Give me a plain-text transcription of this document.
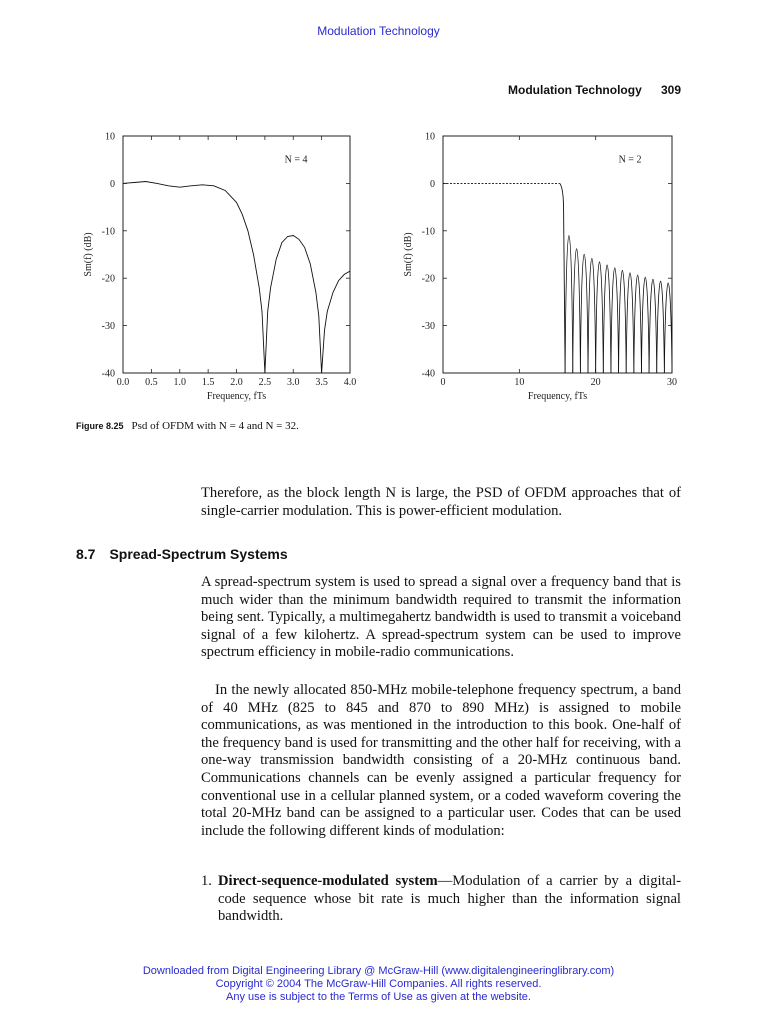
Modulation Technology
Modulation Technology 309
0.0 0.5 1.0 1.5 2.0 2.5 3.0 3.5 4.0
10
0
-10
-20
-30
-40
Frequency, fTs
Sm(f) (dB)
N = 4
0	10	20	30
10
0
-10
-20
-30
-40
Frequency, fTs
Sm(f) (dB)
N = 2
Figure 8.25 Psd of OFDM with N = 4 and N = 32.
Therefore, as the block length N is large, the PSD of OFDM approaches that of single-carrier modulation. This is power-efficient modulation.
8.7 Spread-Spectrum Systems
A spread-spectrum system is used to spread a signal over a frequency band that is much wider than the minimum bandwidth required to transmit the information being sent. Typically, a multimegahertz bandwidth is used to transmit a voiceband signal of a few kilohertz. A spread-spectrum system can be used to improve spectrum efficiency in mobile-radio communications.
In the newly allocated 850-MHz mobile-telephone frequency spectrum, a band of 40 MHz (825 to 845 and 870 to 890 MHz) is assigned to mobile communications, as was mentioned in the introduction to this book. One-half of the frequency band is used for transmitting and the other half for receiving, with a one-way transmission bandwidth consisting of a 20-MHz continuous band. Communications channels can be evenly assigned a particular frequency for conventional use in a cellular planned system, or a coded waveform covering the total 20-MHz band can be assigned to a particular user. Codes that can be used include the following different kinds of modulation:
1. Direct-sequence-modulated system—Modulation of a carrier by a digital-code sequence whose bit rate is much higher than the information signal bandwidth.
Downloaded from Digital Engineering Library @ McGraw-Hill (www.digitalengineeringlibrary.com)
Copyright © 2004 The McGraw-Hill Companies. All rights reserved.
Any use is subject to the Terms of Use as given at the website.
